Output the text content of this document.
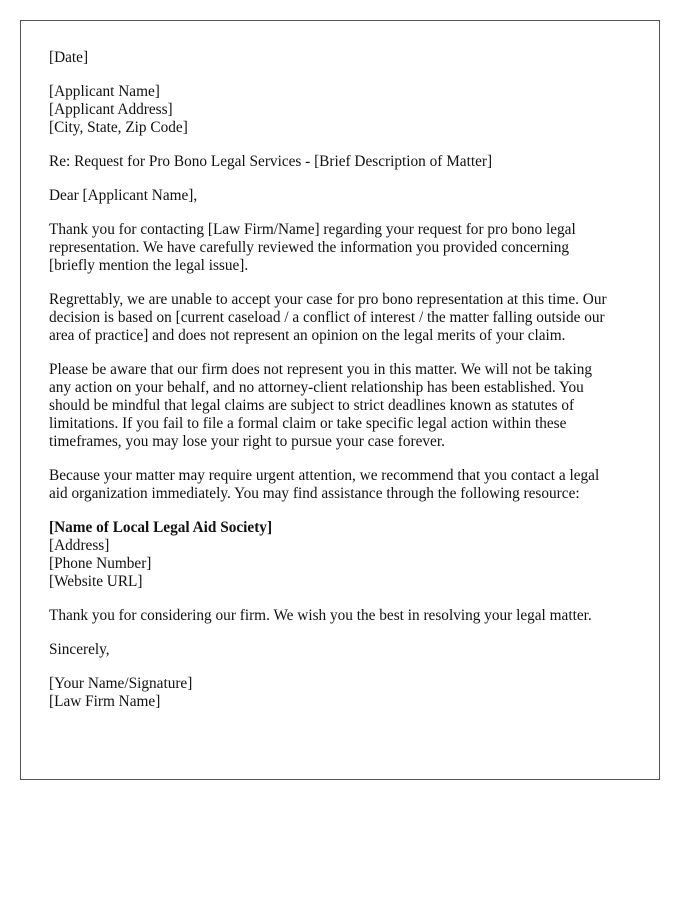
[Date]
[Applicant Name]
[Applicant Address]
[City, State, Zip Code]
Re: Request for Pro Bono Legal Services - [Brief Description of Matter]
Dear [Applicant Name],
Thank you for contacting [Law Firm/Name] regarding your request for pro bono legal
representation. We have carefully reviewed the information you provided concerning
[briefly mention the legal issue].
Regrettably, we are unable to accept your case for pro bono representation at this time. Our
decision is based on [current caseload / a conflict of interest / the matter falling outside our
area of practice] and does not represent an opinion on the legal merits of your claim.
Please be aware that our firm does not represent you in this matter. We will not be taking
any action on your behalf, and no attorney-client relationship has been established. You
should be mindful that legal claims are subject to strict deadlines known as statutes of
limitations. If you fail to file a formal claim or take specific legal action within these
timeframes, you may lose your right to pursue your case forever.
Because your matter may require urgent attention, we recommend that you contact a legal
aid organization immediately. You may find assistance through the following resource:
[Name of Local Legal Aid Society]
[Address]
[Phone Number]
[Website URL]
Thank you for considering our firm. We wish you the best in resolving your legal matter.
Sincerely,
[Your Name/Signature]
[Law Firm Name]
